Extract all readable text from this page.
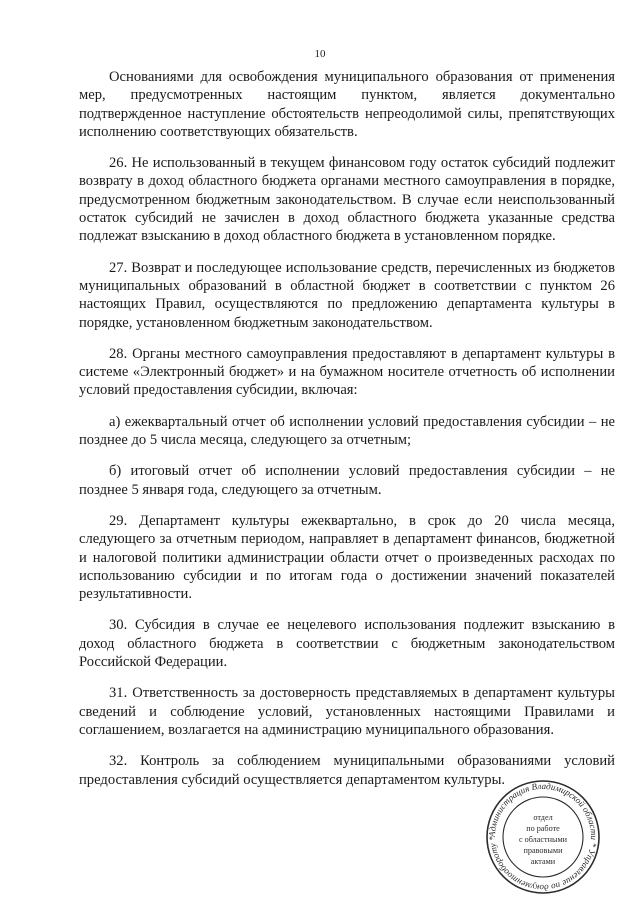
10

Основаниями для освобождения муниципального образования от применения мер, предусмотренных настоящим пунктом, является документально подтвержденное наступление обстоятельств непреодолимой силы, препятствующих исполнению соответствующих обязательств.

26. Не использованный в текущем финансовом году остаток субсидий подлежит возврату в доход областного бюджета органами местного самоуправления в порядке, предусмотренном бюджетным законодательством. В случае если неиспользованный остаток субсидий не зачислен в доход областного бюджета указанные средства подлежат взысканию в доход областного бюджета в установленном порядке.

27. Возврат и последующее использование средств, перечисленных из бюджетов муниципальных образований в областной бюджет в соответствии с пунктом 26 настоящих Правил, осуществляются по предложению департамента культуры в порядке, установленном бюджетным законодательством.

28. Органы местного самоуправления предоставляют в департамент культуры в системе «Электронный бюджет» и на бумажном носителе отчетность об исполнении условий предоставления субсидии, включая:

а) ежеквартальный отчет об исполнении условий предоставления субсидии – не позднее до 5 числа месяца, следующего за отчетным;

б) итоговый отчет об исполнении условий предоставления субсидии – не позднее 5 января года, следующего за отчетным.

29. Департамент культуры ежеквартально, в срок до 20 числа месяца, следующего за отчетным периодом, направляет в департамент финансов, бюджетной и налоговой политики администрации области отчет о произведенных расходах по использованию субсидии и по итогам года о достижении значений показателей результативности.

30. Субсидия в случае ее нецелевого использования подлежит взысканию в доход областного бюджета в соответствии с бюджетным законодательством Российской Федерации.

31. Ответственность за достоверность представляемых в департамент культуры сведений и соблюдение условий, установленных настоящими Правилами и соглашением, возлагается на администрацию муниципального образования.

32. Контроль за соблюдением муниципальными образованиями условий предоставления субсидий осуществляется департаментом культуры.

Администрация Владимирской области * Управление по документообороту *
отдел
по работе
с областными
правовыми
актами
